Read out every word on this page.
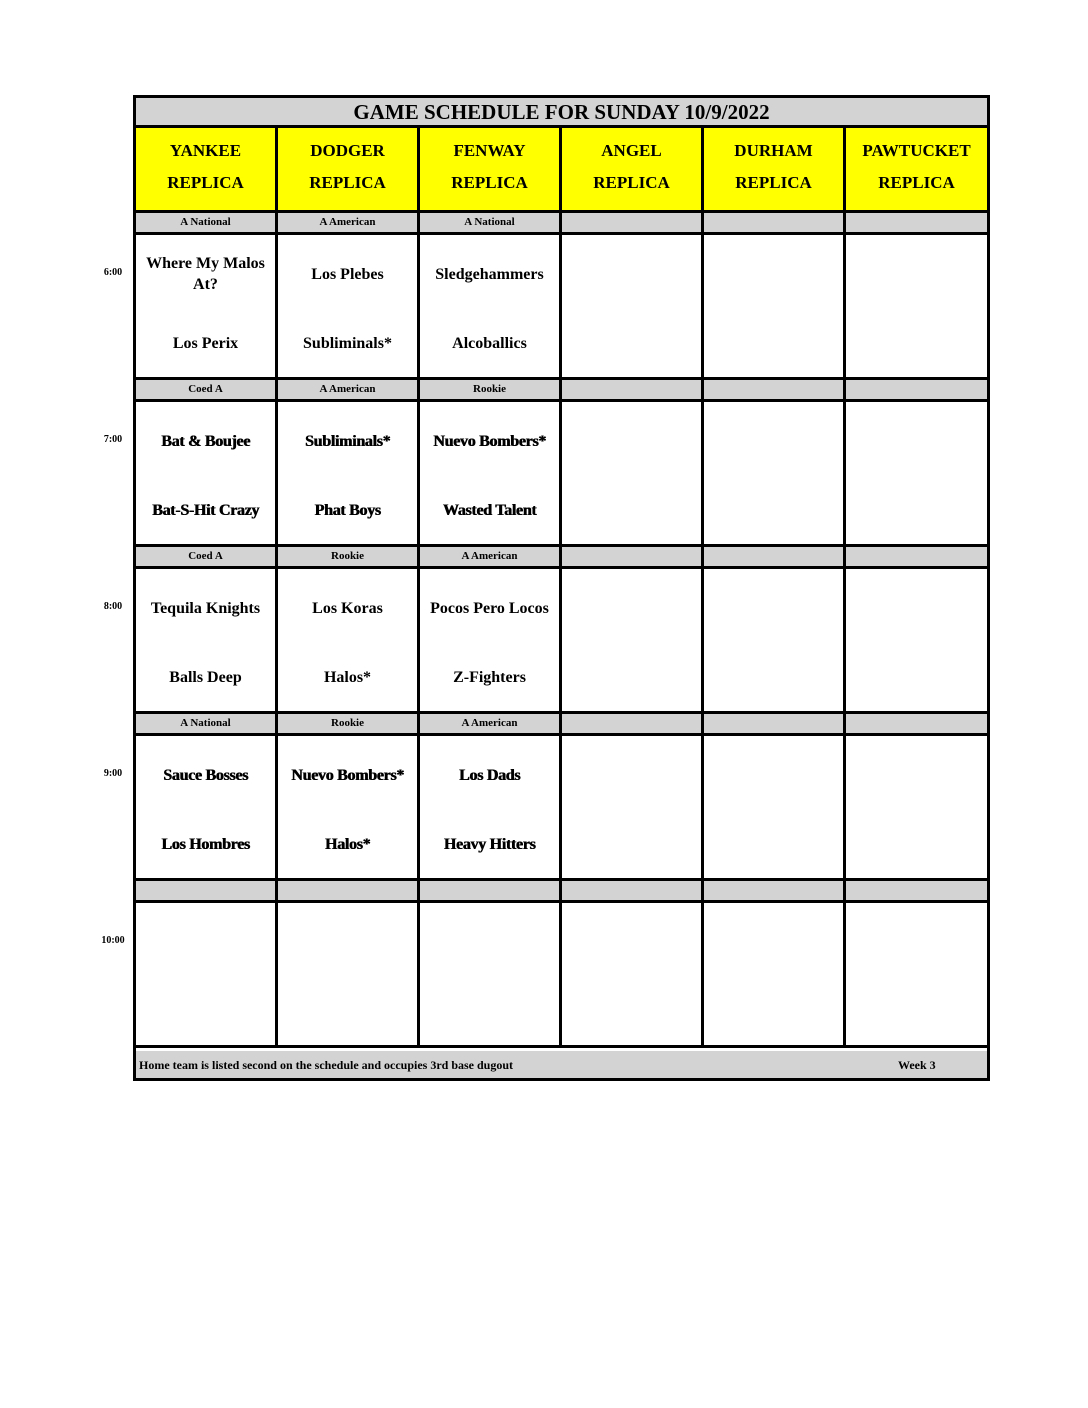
GAME SCHEDULE FOR SUNDAY 10/9/2022
YANKEE
REPLICA
DODGER
REPLICA
FENWAY
REPLICA
ANGEL
REPLICA
DURHAM
REPLICA
PAWTUCKET
REPLICA
A National
Where My Malos At?
Los Perix
A American
Los Plebes
Subliminals*
A National
Sledgehammers
Alcoballics
Coed A
Bat & Boujee
Bat-S-Hit Crazy
A American
Subliminals*
Phat Boys
Rookie
Nuevo Bombers*
Wasted Talent
Coed A
Tequila Knights
Balls Deep
Rookie
Los Koras
Halos*
A American
Pocos Pero Locos
Z-Fighters
A National
Sauce Bosses
Los Hombres
Rookie
Nuevo Bombers*
Halos*
A American
Los Dads
Heavy Hitters
Home team is listed second on the schedule and occupies 3rd base dugout	Week 3
6:00
7:00
8:00
9:00
10:00
